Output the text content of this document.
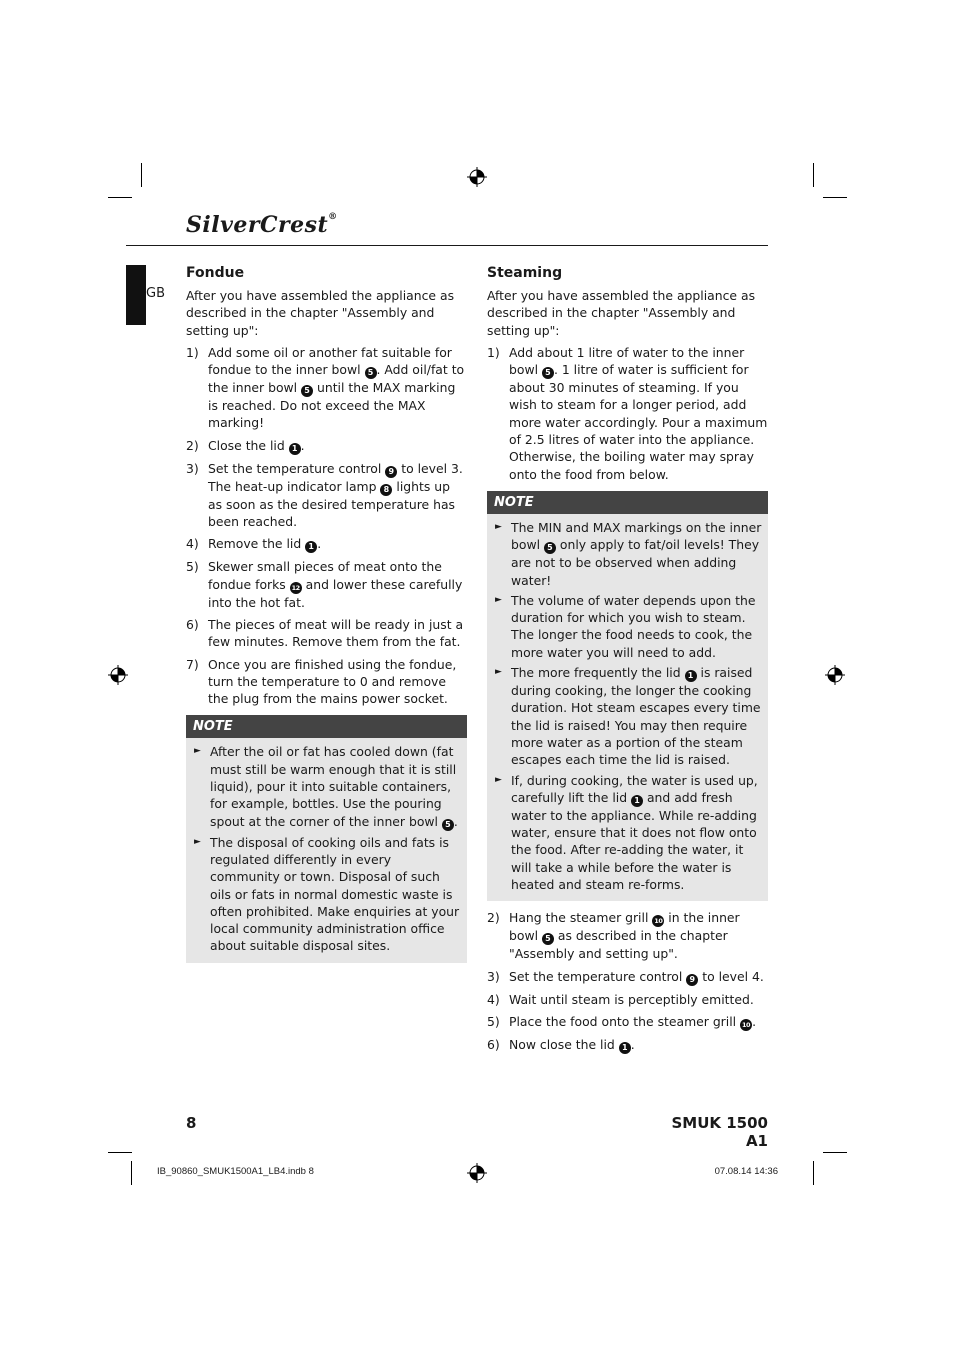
SilverCrest®
GB
Fondue

After you have assembled the appliance as described in the chapter "Assembly and setting up":

1) Add some oil or another fat suitable for fondue to the inner bowl 5 . Add oil/fat to the inner bowl 5 until the MAX marking is reached. Do not exceed the MAX marking!
2) Close the lid 1 .
3) Set the temperature control 9 to level 3. The heat-up indicator lamp 8 lights up as soon as the desired temperature has been reached.
4) Remove the lid 1 .
5) Skewer small pieces of meat onto the fondue forks 12 and lower these carefully into the hot fat.
6) The pieces of meat will be ready in just a few minutes. Remove them from the fat.
7) Once you are finished using the fondue, turn the temperature to 0 and remove the plug from the mains power socket.
NOTE
► After the oil or fat has cooled down (fat must still be warm enough that it is still liquid), pour it into suitable containers, for example, bottles. Use the pouring spout at the corner of the inner bowl 5 .
► The disposal of cooking oils and fats is regulated differently in every community or town. Disposal of such oils or fats in normal domestic waste is often prohibited. Make enquiries at your local community administration office about suitable disposal sites.
Steaming

After you have assembled the appliance as described in the chapter "Assembly and setting up":

1) Add about 1 litre of water to the inner bowl 5 . 1 litre of water is sufficient for about 30 minutes of steaming. If you wish to steam for a longer period, add more water accordingly. Pour a maximum of 2.5 litres of water into the appliance. Otherwise, the boiling water may spray onto the food from below.
NOTE
► The MIN and MAX markings on the inner bowl 5 only apply to fat/oil levels! They are not to be observed when adding water!
► The volume of water depends upon the duration for which you wish to steam. The longer the food needs to cook, the more water you will need to add.
► The more frequently the lid 1 is raised during cooking, the longer the cooking duration. Hot steam escapes every time the lid is raised! You may then require more water as a portion of the steam escapes each time the lid is raised.
► If, during cooking, the water is used up, carefully lift the lid 1 and add fresh water to the appliance. While re-adding water, ensure that it does not flow onto the food. After re-adding the water, it will take a while before the water is heated and steam re-forms.
2) Hang the steamer grill 10 in the inner bowl 5 as described in the chapter "Assembly and setting up".
3) Set the temperature control 9 to level 4.
4) Wait until steam is perceptibly emitted.
5) Place the food onto the steamer grill 10 .
6) Now close the lid 1 .
8	SMUK 1500 A1
IB_90860_SMUK1500A1_LB4.indb 8	07.08.14 14:36
